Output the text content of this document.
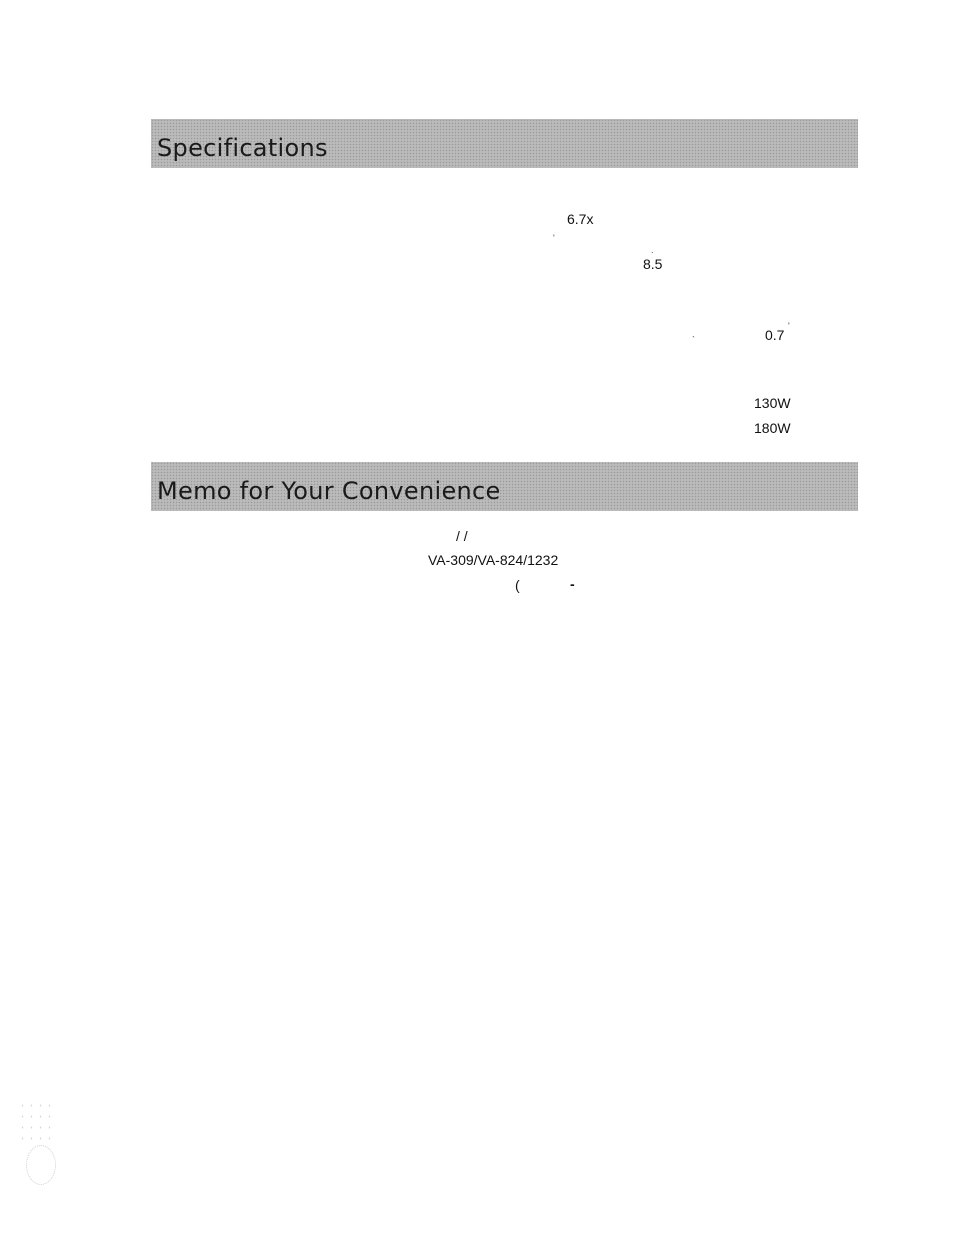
Specifications
6.7x
'
.
8.5
`	0.7
'
130W
180W
Memo for Your Convenience
/ /
VA-309/VA-824/1232
(	-
